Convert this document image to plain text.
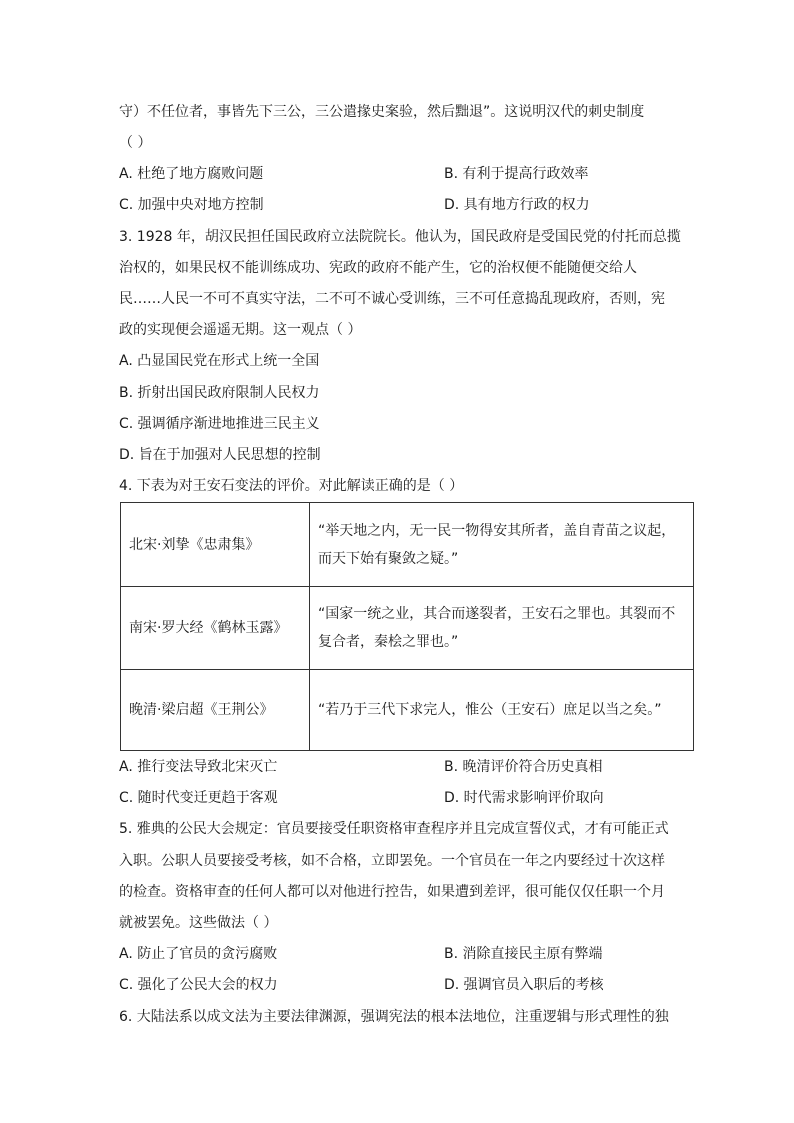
守）不任位者，事皆先下三公，三公遣掾史案验，然后黜退”。这说明汉代的刺史制度
（ ）
A. 杜绝了地方腐败问题	B. 有利于提高行政效率
C. 加强中央对地方控制	D. 具有地方行政的权力
3. 1928 年，胡汉民担任国民政府立法院院长。他认为，国民政府是受国民党的付托而总揽
治权的，如果民权不能训练成功、宪政的政府不能产生，它的治权便不能随便交给人
民……人民一不可不真实守法，二不可不诚心受训练，三不可任意捣乱现政府，否则，宪
政的实现便会遥遥无期。这一观点（ ）
A. 凸显国民党在形式上统一全国
B. 折射出国民政府限制人民权力
C. 强调循序渐进地推进三民主义
D. 旨在于加强对人民思想的控制
4. 下表为对王安石变法的评价。对此解读正确的是（ ）
北宋·刘挚《忠肃集》	“举天地之内，无一民一物得安其所者，盖自青苗之议起，
而天下始有聚敛之疑。”

南宋·罗大经《鹤林玉露》	“国家一统之业，其合而遂裂者，王安石之罪也。其裂而不
复合者，秦桧之罪也。”

晚清·梁启超《王荆公》	“若乃于三代下求完人，惟公（王安石）庶足以当之矣。”
A. 推行变法导致北宋灭亡	B. 晚清评价符合历史真相
C. 随时代变迁更趋于客观	D. 时代需求影响评价取向
5. 雅典的公民大会规定：官员要接受任职资格审查程序并且完成宣誓仪式，才有可能正式
入职。公职人员要接受考核，如不合格，立即罢免。一个官员在一年之内要经过十次这样
的检查。资格审查的任何人都可以对他进行控告，如果遭到差评，很可能仅仅任职一个月
就被罢免。这些做法（ ）
A. 防止了官员的贪污腐败	B. 消除直接民主原有弊端
C. 强化了公民大会的权力	D. 强调官员入职后的考核
6. 大陆法系以成文法为主要法律渊源，强调宪法的根本法地位，注重逻辑与形式理性的独
